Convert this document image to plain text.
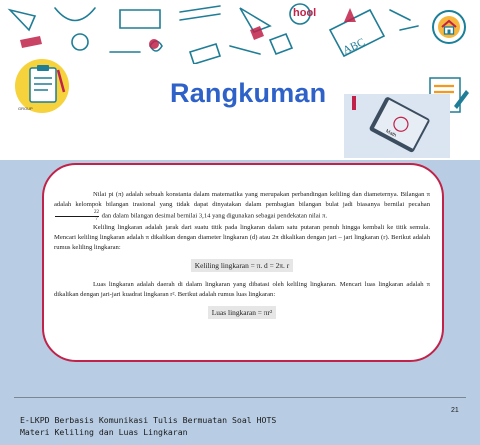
ABC
hool
GROUP
Rangkuman
Math

Nilai pi (π) adalah sebuah konstanta dalam matematika yang merupakan perbandingan keliling dan diameternya. Bilangan π adalah kelompok bilangan irasional yang tidak dapat dinyatakan dalam pembagian bilangan bulat jadi biasanya bernilai pecahan
$\frac{22}{7}$ dan dalam bilangan desimal bernilai 3,14 yang digunakan sebagai pendekatan nilai π.

Keliling lingkaran adalah jarak dari suatu titik pada lingkaran dalam satu putaran penuh hingga kembali ke titik semula. Mencari keliling lingkaran adalah π dikalikan dengan diameter lingkaran (d) atau 2π dikalikan dengan jari – jari lingkaran (r). Berikut adalah rumus keliling lingkaran:

Keliling lingkaran = π. d = 2π. r

Luas lingkaran adalah daerah di dalam lingkaran yang dibatasi oleh keliling lingkaran. Mencari luas lingkaran adalah π dikalikan dengan jari-jari kuadrat lingkaran r². Berikut adalah rumus luas lingkaran:

Luas lingkaran = πr²
21
E-LKPD Berbasis Komunikasi Tulis Bermuatan Soal HOTS
Materi Keliling dan Luas Lingkaran
